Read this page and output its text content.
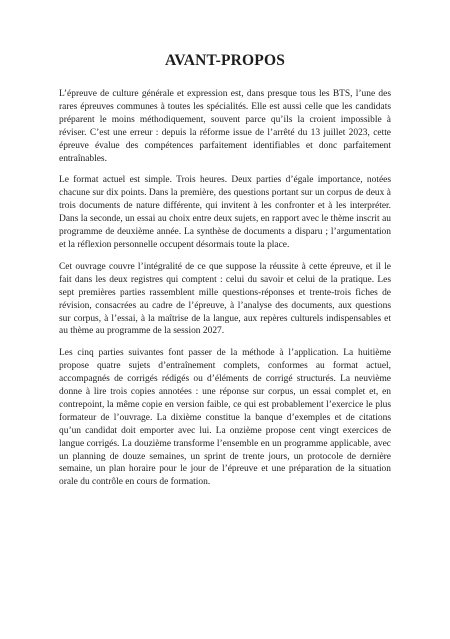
AVANT-PROPOS

L’épreuve de culture générale et expression est, dans presque tous les BTS, l’une des rares épreuves communes à toutes les spécialités. Elle est aussi celle que les candidats préparent le moins méthodiquement, souvent parce qu’ils la croient impossible à réviser. C’est une erreur : depuis la réforme issue de l’arrêté du 13 juillet 2023, cette épreuve évalue des compétences parfaitement identifiables et donc parfaitement entraînables.

Le format actuel est simple. Trois heures. Deux parties d’égale importance, notées chacune sur dix points. Dans la première, des questions portant sur un corpus de deux à trois documents de nature différente, qui invitent à les confronter et à les interpréter. Dans la seconde, un essai au choix entre deux sujets, en rapport avec le thème inscrit au programme de deuxième année. La synthèse de documents a disparu ; l’argumentation et la réflexion personnelle occupent désormais toute la place.

Cet ouvrage couvre l’intégralité de ce que suppose la réussite à cette épreuve, et il le fait dans les deux registres qui comptent : celui du savoir et celui de la pratique. Les sept premières parties rassemblent mille questions-réponses et trente-trois fiches de révision, consacrées au cadre de l’épreuve, à l’analyse des documents, aux questions sur corpus, à l’essai, à la maîtrise de la langue, aux repères culturels indispensables et au thème au programme de la session 2027.

Les cinq parties suivantes font passer de la méthode à l’application. La huitième propose quatre sujets d’entraînement complets, conformes au format actuel, accompagnés de corrigés rédigés ou d’éléments de corrigé structurés. La neuvième donne à lire trois copies annotées : une réponse sur corpus, un essai complet et, en contrepoint, la même copie en version faible, ce qui est probablement l’exercice le plus formateur de l’ouvrage. La dixième constitue la banque d’exemples et de citations qu’un candidat doit emporter avec lui. La onzième propose cent vingt exercices de langue corrigés. La douzième transforme l’ensemble en un programme applicable, avec un planning de douze semaines, un sprint de trente jours, un protocole de dernière semaine, un plan horaire pour le jour de l’épreuve et une préparation de la situation orale du contrôle en cours de formation.
